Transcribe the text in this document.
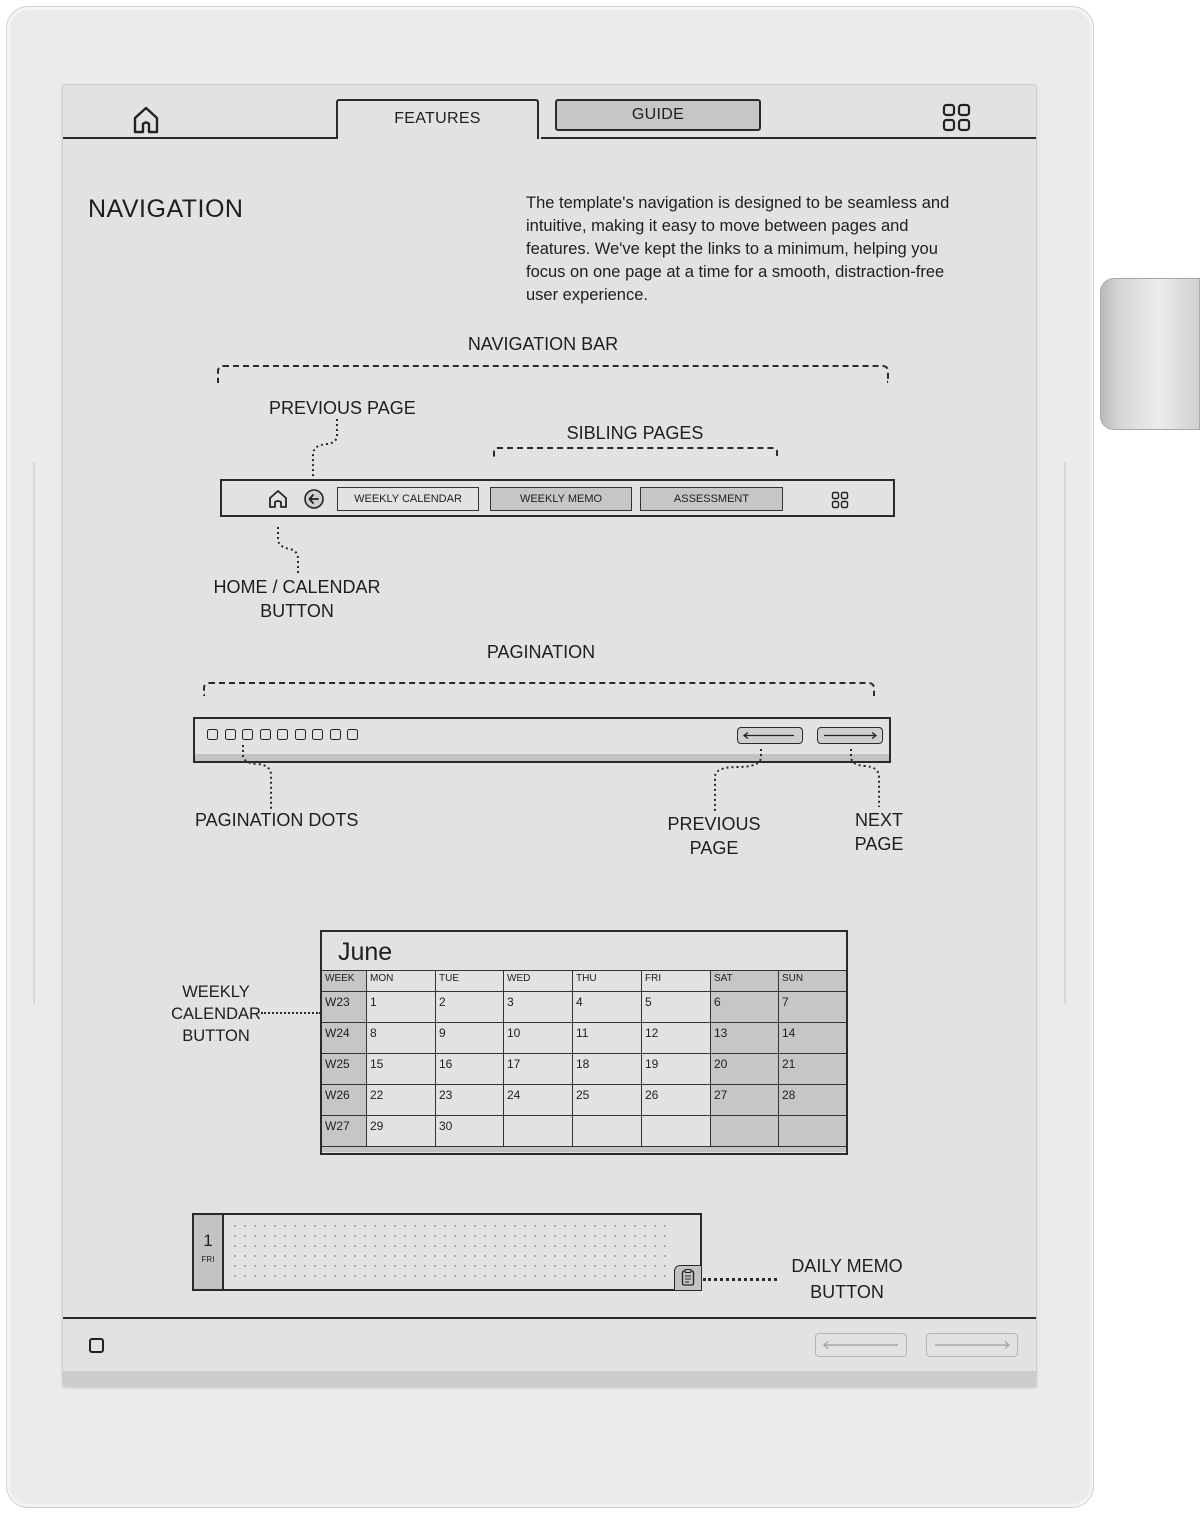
FEATURES	GUIDE
NAVIGATION	The template's navigation is designed to be seamless and
intuitive, making it easy to move between pages and
features. We've kept the links to a minimum, helping you
focus on one page at a time for a smooth, distraction-free
user experience.
NAVIGATION BAR
PREVIOUS PAGE
SIBLING PAGES
WEEKLY CALENDAR	WEEKLY MEMO	ASSESSMENT
HOME / CALENDAR
BUTTON
PAGINATION
PAGINATION DOTS	PREVIOUS
PAGE
NEXT
PAGE
June
WEEK	MON	TUE	WED	THU	FRI	SAT	SUN
W23	1	2	3	4	5	6	7
W24	8	9	10	11	12	13	14
W25	15	16	17	18	19	20	21
W26	22	23	24	25	26	27	28
W27	29	30
WEEKLY
CALENDAR
BUTTON
1
FRI	DAILY MEMO
BUTTON
